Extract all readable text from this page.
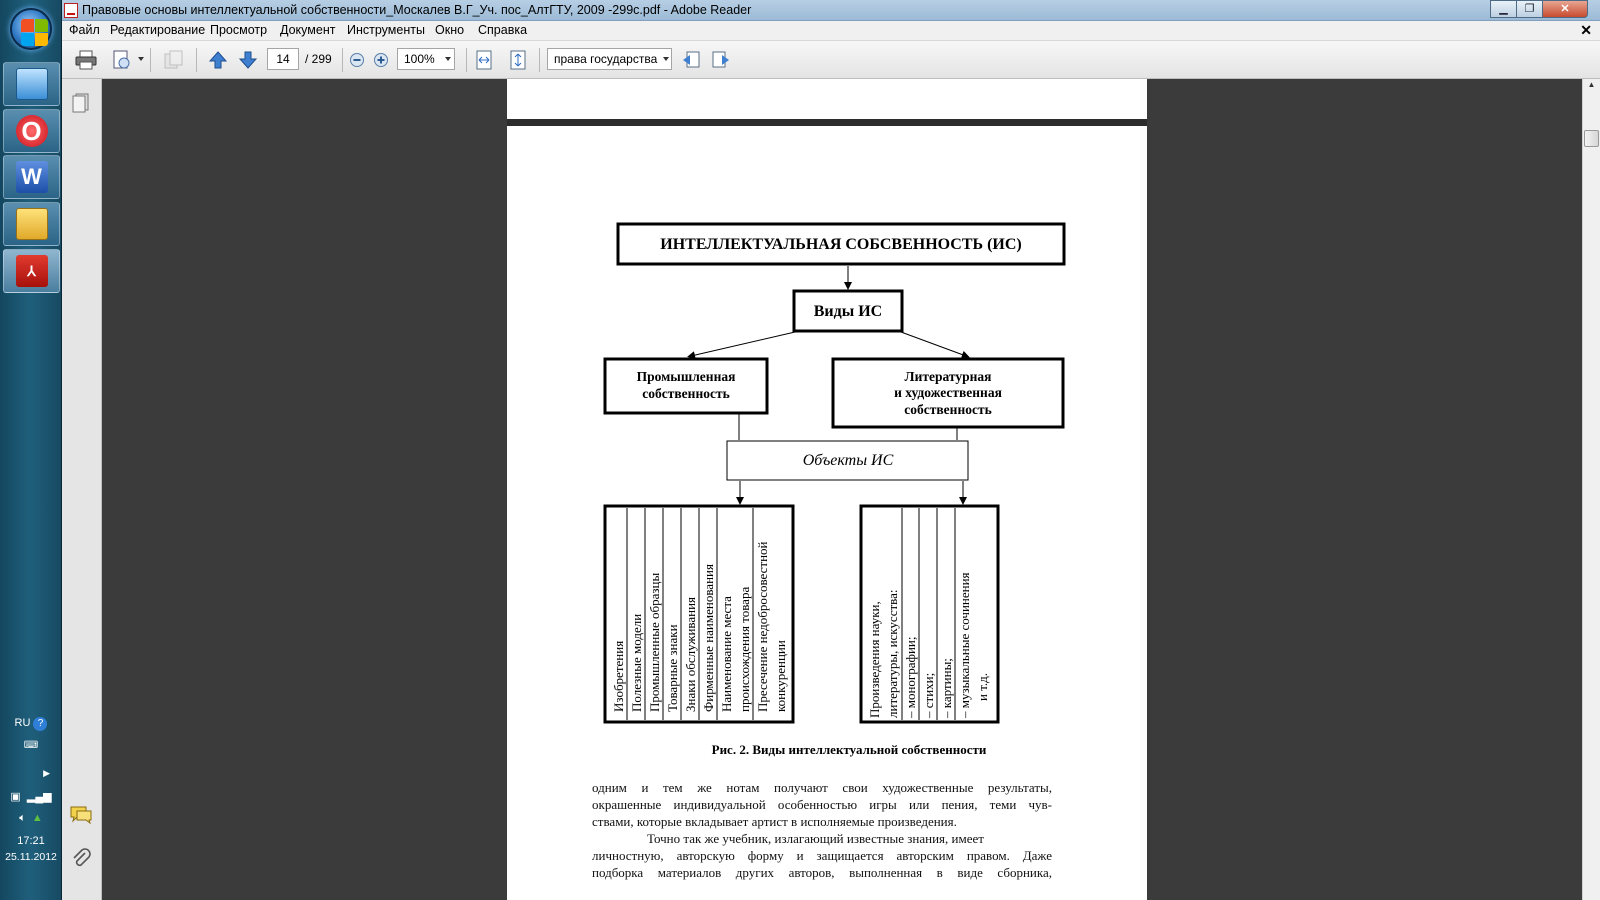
O
W
⅄
RU ?
⌨
▶
▣ ▂▄▆
🔈︎ ▲
17:21
25.11.2012
Правовые основы интеллектуальной собственности_Москалев В.Г_Уч. пос_АлтГТУ, 2009 -299с.pdf - Adobe Reader	▁	❐	✕
Файл Редактирование Просмотр Документ Инструменты Окно Справка	✕
14	/ 299	100%	права государства
ИНТЕЛЛЕКТУАЛЬНАЯ СОБСВЕННОСТЬ (ИС)
Виды ИС
Промышленная
собственность
Литературная
и художественная
собственность
Объекты ИС
Изобретения Полезные модели Промышленные образцы Товарные знаки Знаки обслуживания Фирменные наименования Наименование места происхождения товара Пресечение недобросовестной конкуренции	Произведения науки, литературы, искусства: – монографии; – стихи; – картины; – музыкальные сочинения и т.д.
Рис. 2. Виды интеллектуальной собственности
одним и тем же нотам получают свои художественные результаты,
окрашенные индивидуальной особенностью игры или пения, теми чув-
ствами, которые вкладывает артист в исполняемые произведения.
Точно так же учебник, излагающий известные знания, имеет
личностную, авторскую форму и защищается авторским правом. Даже
подборка материалов других авторов, выполненная в виде сборника,
▲
